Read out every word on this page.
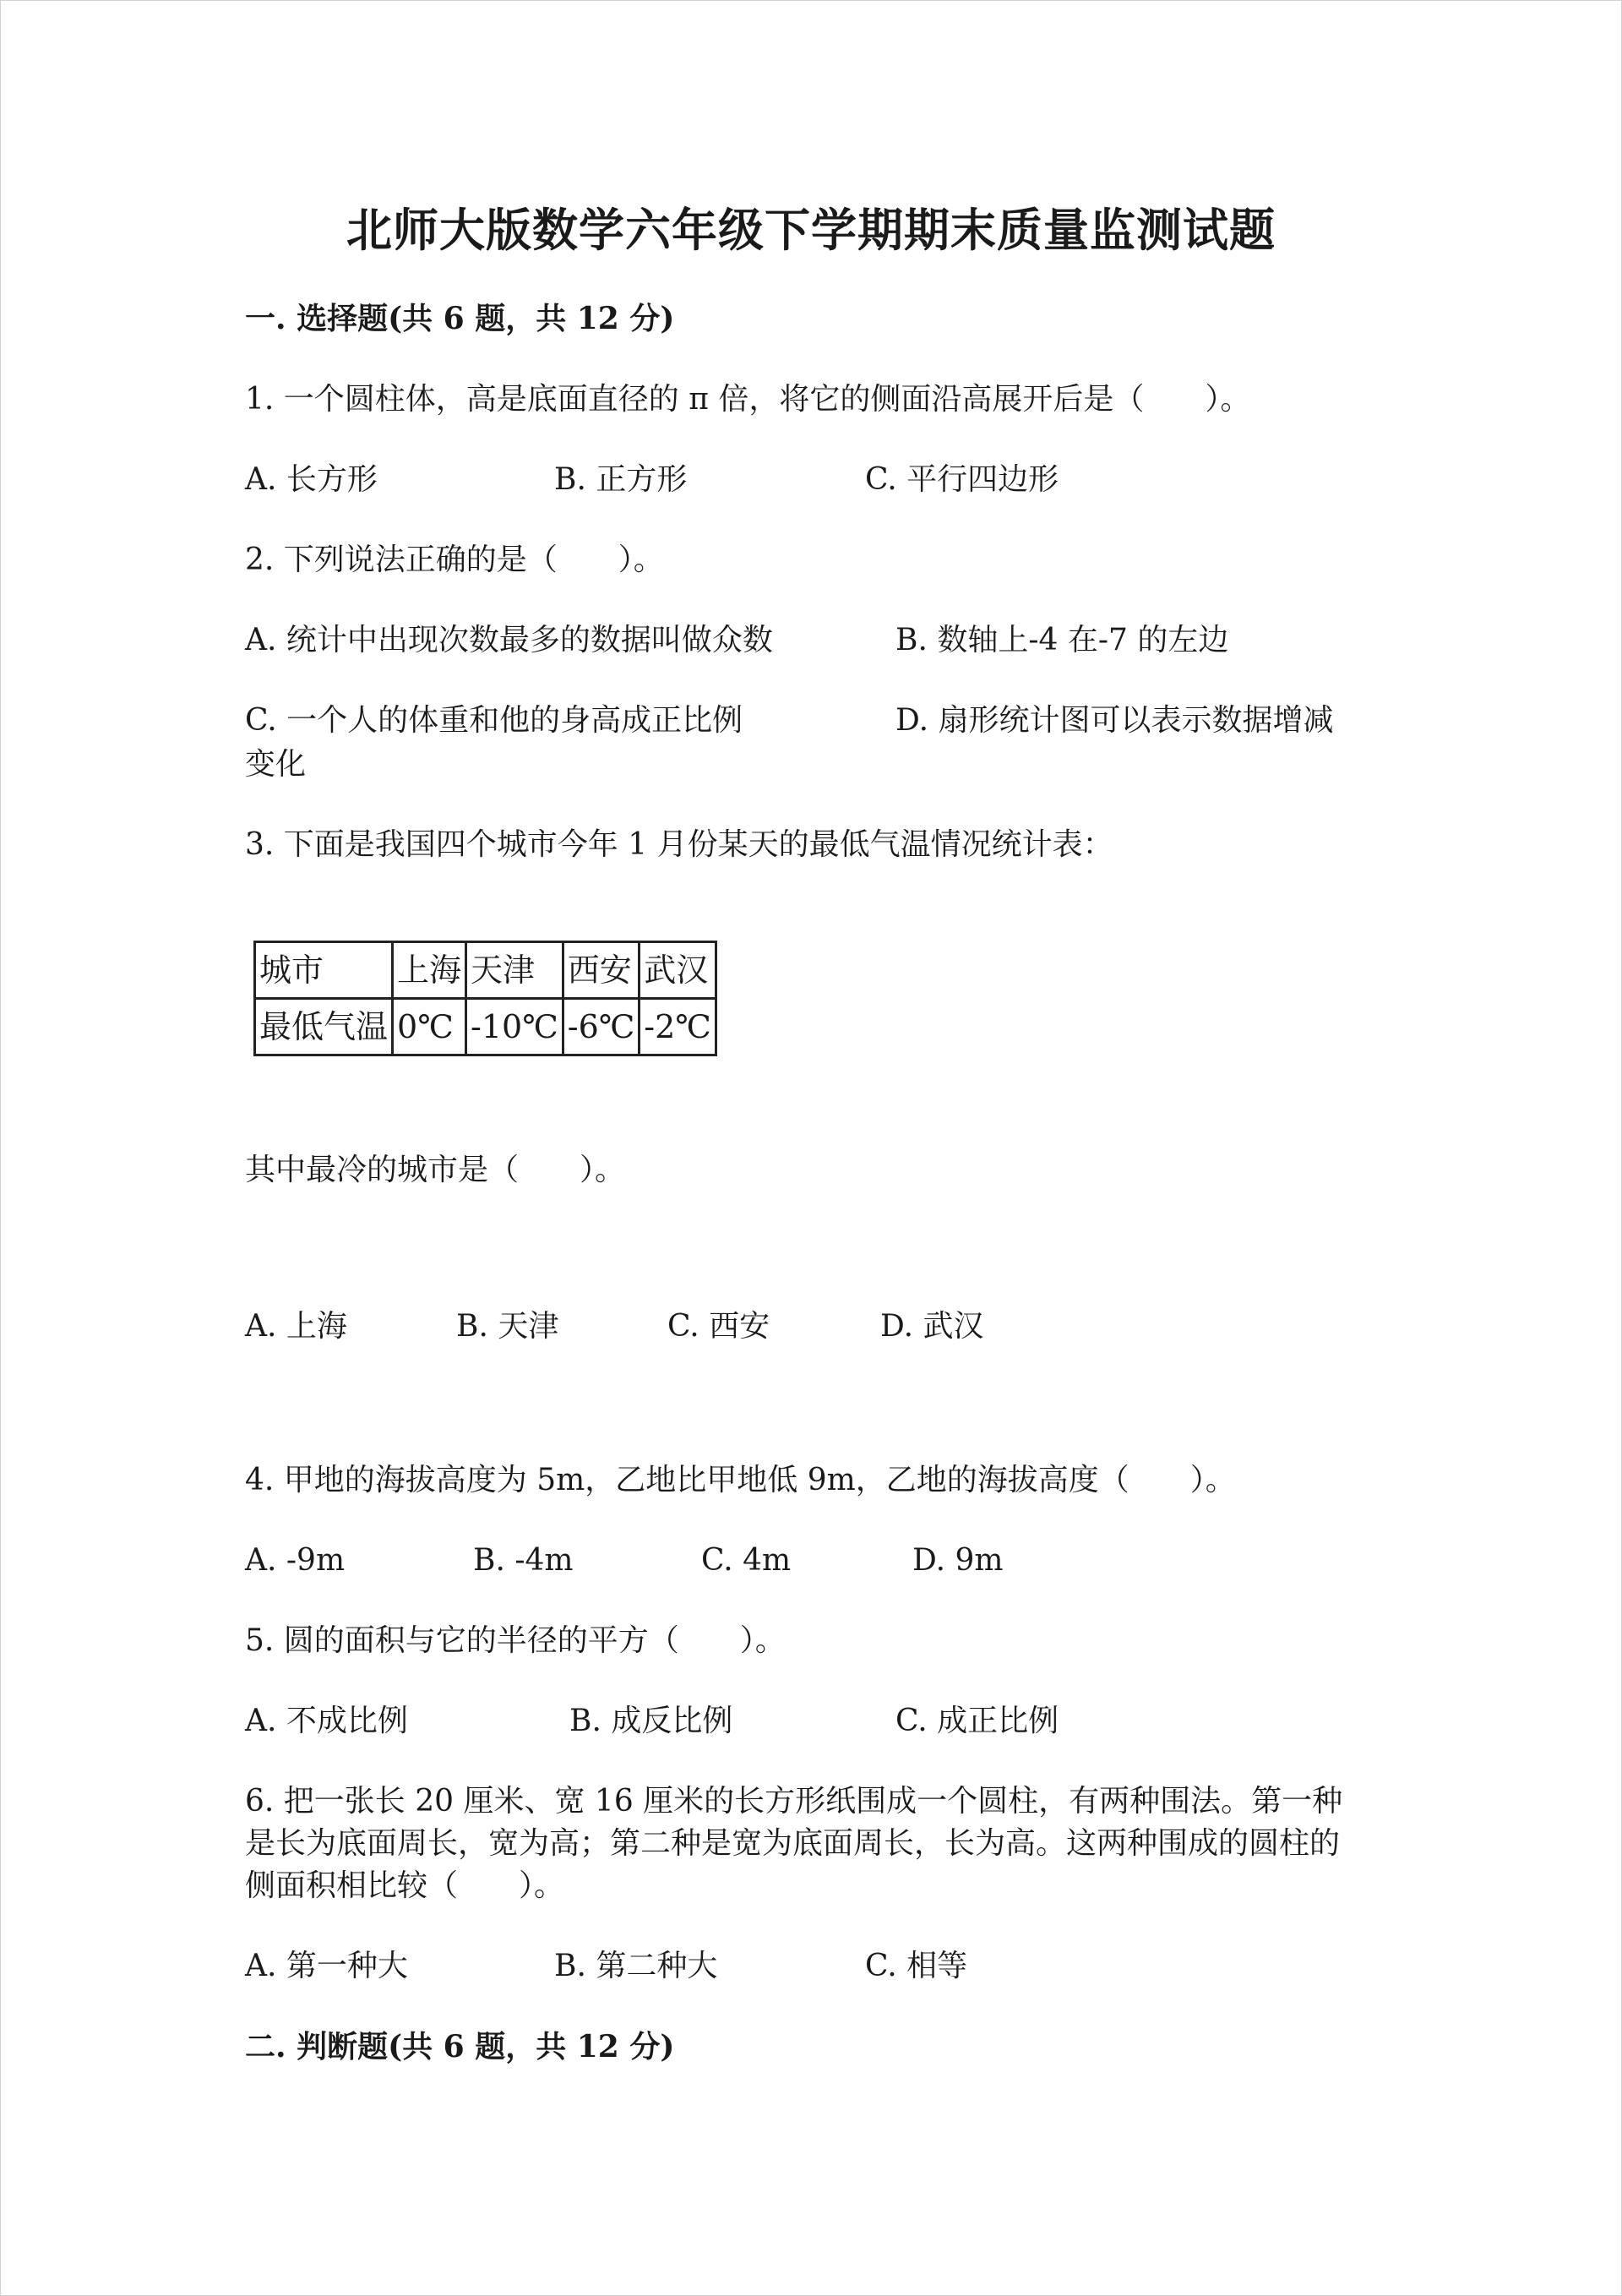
北师大版数学六年级下学期期末质量监测试题
一. 选择题(共 6 题，共 12 分)
1. 一个圆柱体，高是底面直径的 π 倍，将它的侧面沿高展开后是（　　）。
A. 长方形	B. 正方形	C. 平行四边形
2. 下列说法正确的是（　　）。
A. 统计中出现次数最多的数据叫做众数	B. 数轴上-4 在-7 的左边
C. 一个人的体重和他的身高成正比例	D. 扇形统计图可以表示数据增减
变化
3. 下面是我国四个城市今年 1 月份某天的最低气温情况统计表：
城市	上海	天津	西安	武汉
最低气温	0℃	-10℃	-6℃	-2℃
其中最冷的城市是（　　）。
A. 上海	B. 天津	C. 西安	D. 武汉
4. 甲地的海拔高度为 5m，乙地比甲地低 9m，乙地的海拔高度（　　）。
A. -9m	B. -4m	C. 4m	D. 9m
5. 圆的面积与它的半径的平方（　　）。
A. 不成比例	B. 成反比例	C. 成正比例
6. 把一张长 20 厘米、宽 16 厘米的长方形纸围成一个圆柱，有两种围法。第一种是长为底面周长，宽为高；第二种是宽为底面周长，长为高。这两种围成的圆柱的侧面积相比较（　　）。
A. 第一种大	B. 第二种大	C. 相等
二. 判断题(共 6 题，共 12 分)
